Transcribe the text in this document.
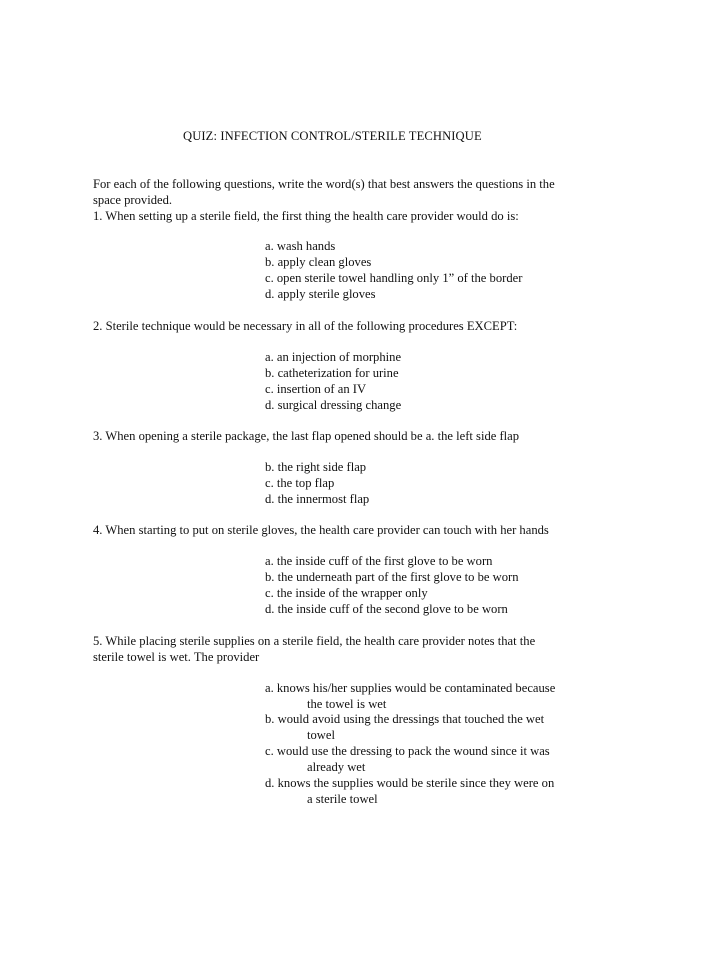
QUIZ: INFECTION CONTROL/STERILE TECHNIQUE
For each of the following questions, write the word(s) that best answers the questions in the
space provided.
1. When setting up a sterile field, the first thing the health care provider would do is:
a. wash hands
b. apply clean gloves
c. open sterile towel handling only 1” of the border
d. apply sterile gloves
2. Sterile technique would be necessary in all of the following procedures EXCEPT:
a. an injection of morphine
b. catheterization for urine
c. insertion of an IV
d. surgical dressing change
3. When opening a sterile package, the last flap opened should be a. the left side flap
b. the right side flap
c. the top flap
d. the innermost flap
4. When starting to put on sterile gloves, the health care provider can touch with her hands
a. the inside cuff of the first glove to be worn
b. the underneath part of the first glove to be worn
c. the inside of the wrapper only
d. the inside cuff of the second glove to be worn
5. While placing sterile supplies on a sterile field, the health care provider notes that the
sterile towel is wet. The provider
a. knows his/her supplies would be contaminated because
the towel is wet
b. would avoid using the dressings that touched the wet
towel
c. would use the dressing to pack the wound since it was
already wet
d. knows the supplies would be sterile since they were on
a sterile towel
